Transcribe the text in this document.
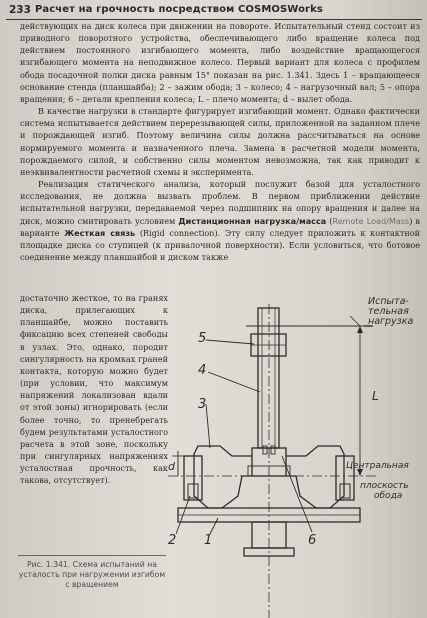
233 Расчет на грочность посредством COSMOSWorks

действующих на диск колеса при движении на повороте. Испытательный стенд состоит из приводного поворотного устройства, обеспечивающего либо вращение колеса под действием постоянного изгибающего момента, либо воздействие вращающегося изгибающего момента на неподвижное колесо. Первый вариант для колеса с профилем обода посадочной полки диска равным 15° показан на рис. 1.341. Здесь 1 – вращающееся основание стенда (планшайба); 2 – зажим обода; 3 – колесо; 4 – нагрузочный вал; 5 – опора вращения; 6 – детали крепления колеса; L – плечо момента; d – вылет обода.

В качестве нагрузки в стандарте фигурирует изгибающий момент. Однако фактически система испытывается действием перерезывающей силы, приложенной на заданном плече и порождающей изгиб. Поэтому величина силы должна рассчитываться на основе нормируемого момента и назначенного плеча. Замена в расчетной модели момента, порождаемого силой, и собственно силы моментом невозможна, так как приводит к неэквивалентности расчетной схемы и эксперимента.

Реализация статического анализа, который послужит базой для усталостного исследования, не должна вызвать проблем. В первом приближении действие испытательной нагрузки, передаваемой через подшипник на опору вращения и далее на диск, можно смитировать условием Дистанционная нагрузка/масса (Remote Load/Mass) в варианте Жесткая связь (Rigid connection). Эту силу следует приложить к контактной площадке диска со ступицей (к привалочной поверхности). Если условиться, что ботовое соединение между планшайбой и диском также

достаточно жесткое, то на гранях диска, прилегающих к планшайбе, можно поставить фиксацию всех степеней свободы в узлах. Это, однако, породит сингулярность на кромках граней контакта, которую можно будет (при условии, что максимум напряжений локализован вдали от этой зоны) игнорировать (если более точно, то пренебрегать будем результатами усталостного расчета в этой зоне, поскольку при сингулярных напряжениях усталостная прочность, как такова, отсутствует).

5
4
3
2 1	6
L
d
Испыта-
тельная
нагрузка
Центральная
плоскость
обода
Рис. 1.341. Схема испытаний на усталость при нагружении изгибом с вращением
